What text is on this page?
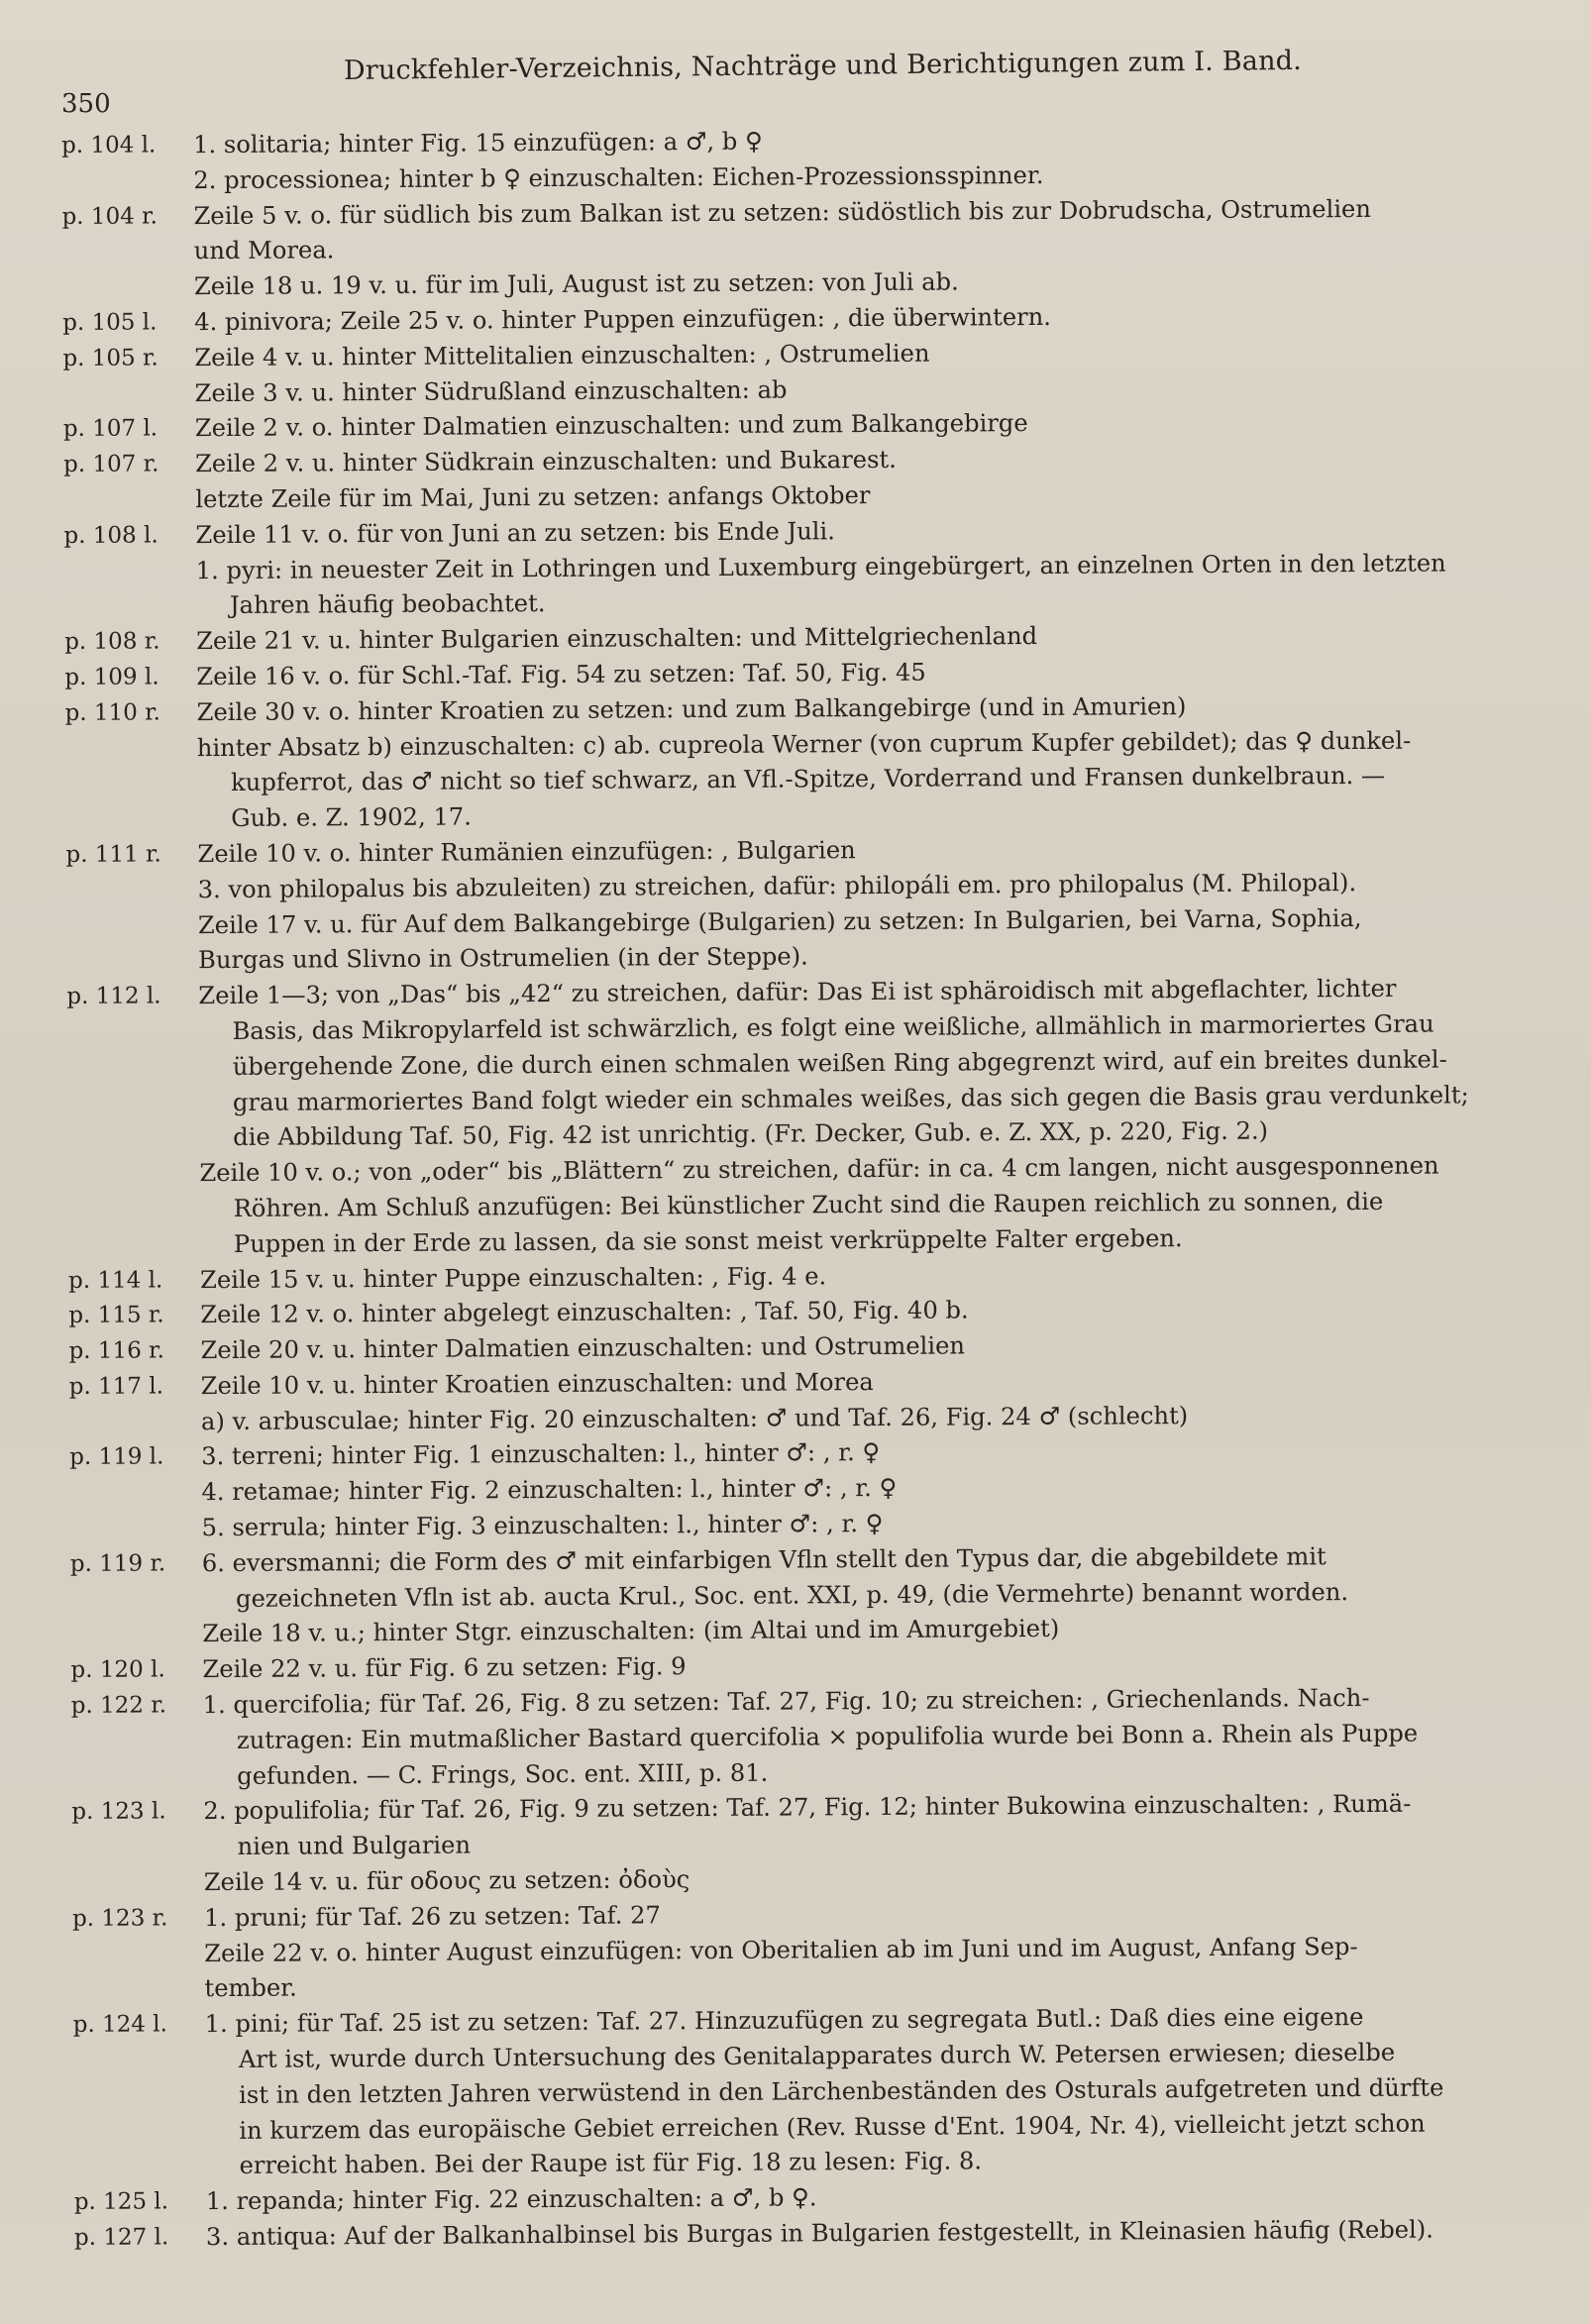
350
Druckfehler-Verzeichnis, Nachträge und Berichtigungen zum I. Band.
p. 104 l.	1. solitaria; hinter Fig. 15 einzufügen: a ♂, b ♀
2. processionea; hinter b ♀ einzuschalten: Eichen-Prozessionsspinner.
p. 104 r.	Zeile 5 v. o. für südlich bis zum Balkan ist zu setzen: südöstlich bis zur Dobrudscha, Ostrumelien
und Morea.
Zeile 18 u. 19 v. u. für im Juli, August ist zu setzen: von Juli ab.
p. 105 l.	4. pinivora; Zeile 25 v. o. hinter Puppen einzufügen: , die überwintern.
p. 105 r.	Zeile 4 v. u. hinter Mittelitalien einzuschalten: , Ostrumelien
Zeile 3 v. u. hinter Südrußland einzuschalten: ab
p. 107 l.	Zeile 2 v. o. hinter Dalmatien einzuschalten: und zum Balkangebirge
p. 107 r.	Zeile 2 v. u. hinter Südkrain einzuschalten: und Bukarest.
letzte Zeile für im Mai, Juni zu setzen: anfangs Oktober
p. 108 l.	Zeile 11 v. o. für von Juni an zu setzen: bis Ende Juli.
1. pyri: in neuester Zeit in Lothringen und Luxemburg eingebürgert, an einzelnen Orten in den letzten
Jahren häufig beobachtet.
p. 108 r.	Zeile 21 v. u. hinter Bulgarien einzuschalten: und Mittelgriechenland
p. 109 l.	Zeile 16 v. o. für Schl.-Taf. Fig. 54 zu setzen: Taf. 50, Fig. 45
p. 110 r.	Zeile 30 v. o. hinter Kroatien zu setzen: und zum Balkangebirge (und in Amurien)
hinter Absatz b) einzuschalten: c) ab. cupreola Werner (von cuprum Kupfer gebildet); das ♀ dunkel-
kupferrot, das ♂ nicht so tief schwarz, an Vfl.-Spitze, Vorderrand und Fransen dunkelbraun. —
Gub. e. Z. 1902, 17.
p. 111 r.	Zeile 10 v. o. hinter Rumänien einzufügen: , Bulgarien
3. von philopalus bis abzuleiten) zu streichen, dafür: philopáli em. pro philopalus (M. Philopal).
Zeile 17 v. u. für Auf dem Balkangebirge (Bulgarien) zu setzen: In Bulgarien, bei Varna, Sophia,
Burgas und Slivno in Ostrumelien (in der Steppe).
p. 112 l.	Zeile 1—3; von „Das“ bis „42“ zu streichen, dafür: Das Ei ist sphäroidisch mit abgeflachter, lichter
Basis, das Mikropylarfeld ist schwärzlich, es folgt eine weißliche, allmählich in marmoriertes Grau
übergehende Zone, die durch einen schmalen weißen Ring abgegrenzt wird, auf ein breites dunkel-
grau marmoriertes Band folgt wieder ein schmales weißes, das sich gegen die Basis grau verdunkelt;
die Abbildung Taf. 50, Fig. 42 ist unrichtig. (Fr. Decker, Gub. e. Z. XX, p. 220, Fig. 2.)
Zeile 10 v. o.; von „oder“ bis „Blättern“ zu streichen, dafür: in ca. 4 cm langen, nicht ausgesponnenen
Röhren. Am Schluß anzufügen: Bei künstlicher Zucht sind die Raupen reichlich zu sonnen, die
Puppen in der Erde zu lassen, da sie sonst meist verkrüppelte Falter ergeben.
p. 114 l.	Zeile 15 v. u. hinter Puppe einzuschalten: , Fig. 4 e.
p. 115 r.	Zeile 12 v. o. hinter abgelegt einzuschalten: , Taf. 50, Fig. 40 b.
p. 116 r.	Zeile 20 v. u. hinter Dalmatien einzuschalten: und Ostrumelien
p. 117 l.	Zeile 10 v. u. hinter Kroatien einzuschalten: und Morea
a) v. arbusculae; hinter Fig. 20 einzuschalten: ♂ und Taf. 26, Fig. 24 ♂ (schlecht)
p. 119 l.	3. terreni; hinter Fig. 1 einzuschalten: l., hinter ♂: , r. ♀
4. retamae; hinter Fig. 2 einzuschalten: l., hinter ♂: , r. ♀
5. serrula; hinter Fig. 3 einzuschalten: l., hinter ♂: , r. ♀
p. 119 r.	6. eversmanni; die Form des ♂ mit einfarbigen Vfln stellt den Typus dar, die abgebildete mit
gezeichneten Vfln ist ab. aucta Krul., Soc. ent. XXI, p. 49, (die Vermehrte) benannt worden.
Zeile 18 v. u.; hinter Stgr. einzuschalten: (im Altai und im Amurgebiet)
p. 120 l.	Zeile 22 v. u. für Fig. 6 zu setzen: Fig. 9
p. 122 r.	1. quercifolia; für Taf. 26, Fig. 8 zu setzen: Taf. 27, Fig. 10; zu streichen: , Griechenlands. Nach-
zutragen: Ein mutmaßlicher Bastard quercifolia × populifolia wurde bei Bonn a. Rhein als Puppe
gefunden. — C. Frings, Soc. ent. XIII, p. 81.
p. 123 l.	2. populifolia; für Taf. 26, Fig. 9 zu setzen: Taf. 27, Fig. 12; hinter Bukowina einzuschalten: , Rumä-
nien und Bulgarien
Zeile 14 v. u. für οδους zu setzen: ὀδοὺς
p. 123 r.	1. pruni; für Taf. 26 zu setzen: Taf. 27
Zeile 22 v. o. hinter August einzufügen: von Oberitalien ab im Juni und im August, Anfang Sep-
tember.
p. 124 l.	1. pini; für Taf. 25 ist zu setzen: Taf. 27. Hinzuzufügen zu segregata Butl.: Daß dies eine eigene
Art ist, wurde durch Untersuchung des Genitalapparates durch W. Petersen erwiesen; dieselbe
ist in den letzten Jahren verwüstend in den Lärchenbeständen des Osturals aufgetreten und dürfte
in kurzem das europäische Gebiet erreichen (Rev. Russe d'Ent. 1904, Nr. 4), vielleicht jetzt schon
erreicht haben. Bei der Raupe ist für Fig. 18 zu lesen: Fig. 8.
p. 125 l.	1. repanda; hinter Fig. 22 einzuschalten: a ♂, b ♀.
p. 127 l.	3. antiqua: Auf der Balkanhalbinsel bis Burgas in Bulgarien festgestellt, in Kleinasien häufig (Rebel).
